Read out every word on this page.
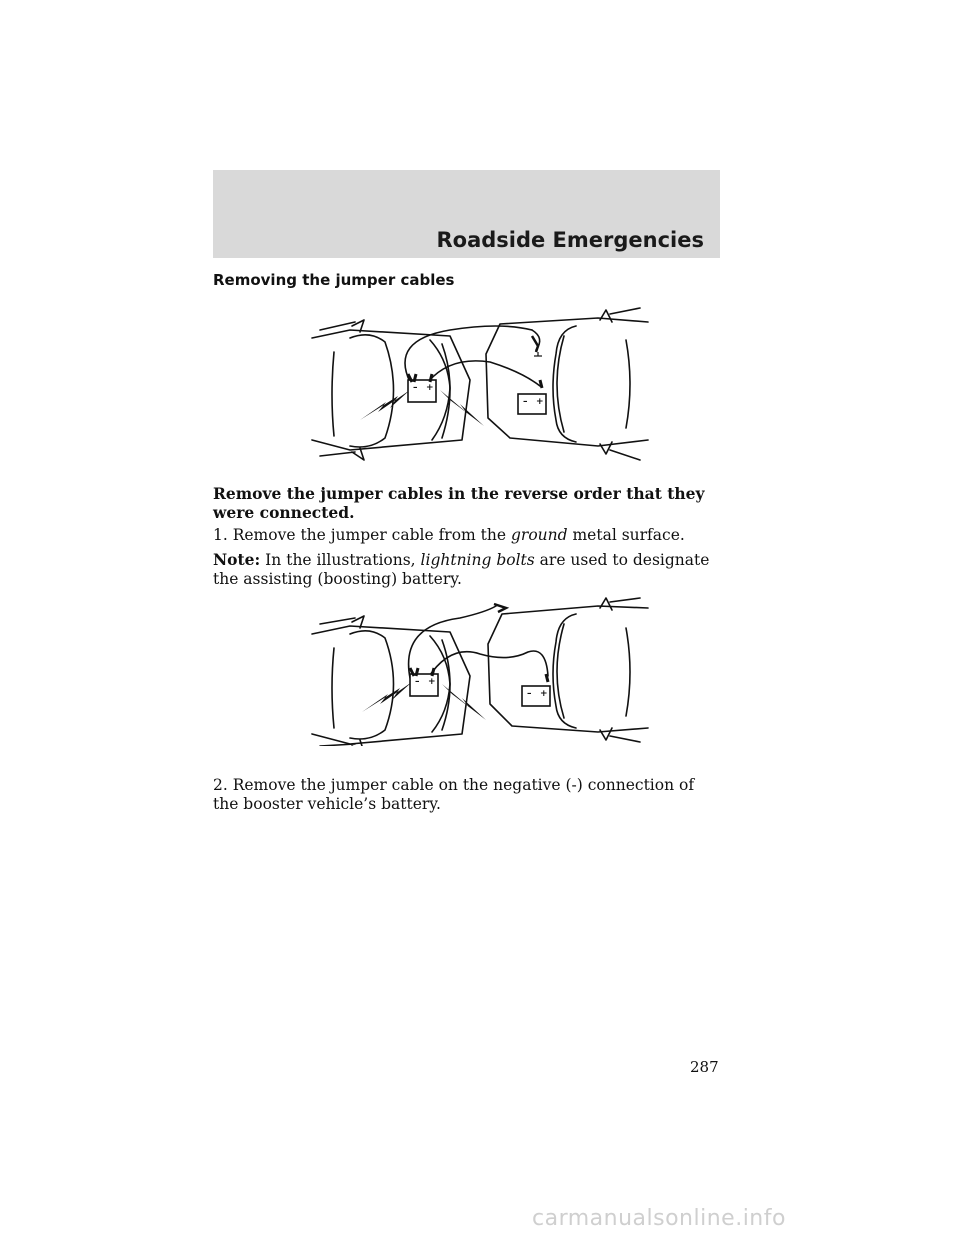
Roadside Emergencies
Removing the jumper cables
– +
– +
Remove the jumper cables in the reverse order that they were connected.
1. Remove the jumper cable from the ground metal surface.
Note: In the illustrations, lightning bolts are used to designate the assisting (boosting) battery.
– +
– +
2. Remove the jumper cable on the negative (-) connection of the booster vehicle’s battery.
287
carmanualsonline.info
